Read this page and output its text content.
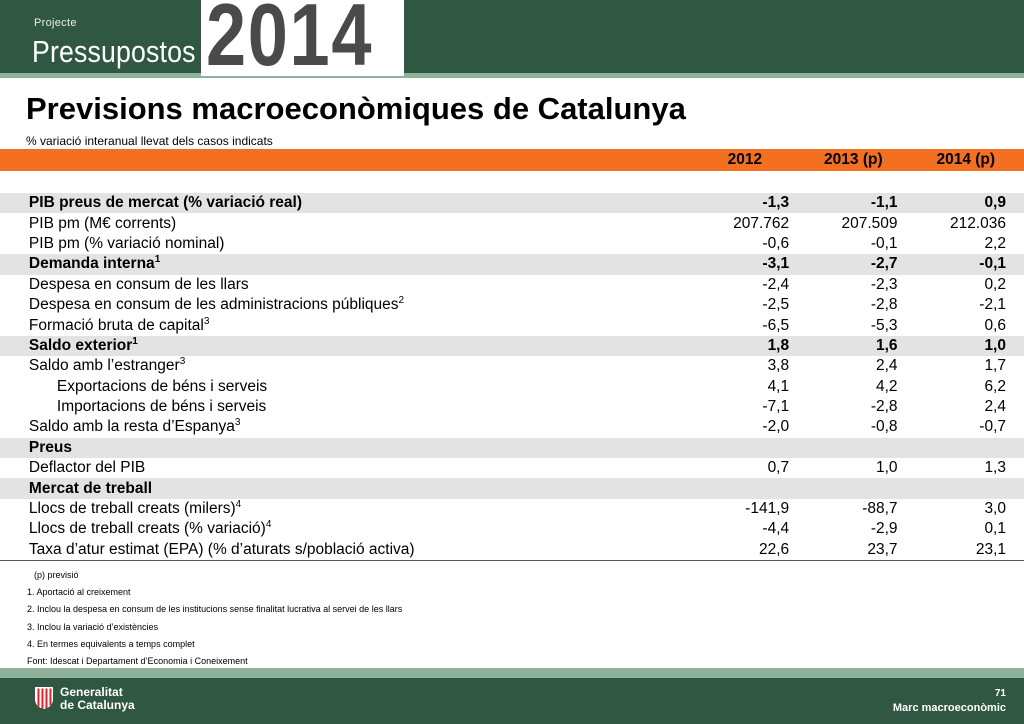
Projecte
Pressupostos 2014
Previsions macroeconòmiques de Catalunya
% variació interanual llevat dels casos indicats
		2012	2013 (p)	2014 (p)

	PIB preus de mercat (% variació real)	-1,3	-1,1	0,9
	PIB pm (M€ corrents)	207.762	207.509	212.036
	PIB pm (% variació nominal)	-0,6	-0,1	2,2
	Demanda interna$^1$	-3,1	-2,7	-0,1
	Despesa en consum de les llars	-2,4	-2,3	0,2
	Despesa en consum de les administracions públiques$^2$	-2,5	-2,8	-2,1
	Formació bruta de capital$^3$	-6,5	-5,3	0,6
	Saldo exterior$^1$	1,8	1,6	1,0
	Saldo amb l’estranger$^3$	3,8	2,4	1,7
	Exportacions de béns i serveis	4,1	4,2	6,2
	Importacions de béns i serveis	-7,1	-2,8	2,4
	Saldo amb la resta d’Espanya$^3$	-2,0	-0,8	-0,7
	Preus			
	Deflactor del PIB	0,7	1,0	1,3
	Mercat de treball			
	Llocs de treball creats (milers)$^4$	-141,9	-88,7	3,0
	Llocs de treball creats (% variació)$^4$	-4,4	-2,9	0,1
	Taxa d’atur estimat (EPA) (% d’aturats s/població activa)	22,6	23,7	23,1
(p) previsió
1. Aportació al creixement
2. Inclou la despesa en consum de les institucions sense finalitat lucrativa al servei de les llars
3. Inclou la variació d’existències
4. En termes equivalents a temps complet
Font: Idescat i Departament d’Economia i Coneixement
Generalitat
de Catalunya
71
Marc macroeconòmic
